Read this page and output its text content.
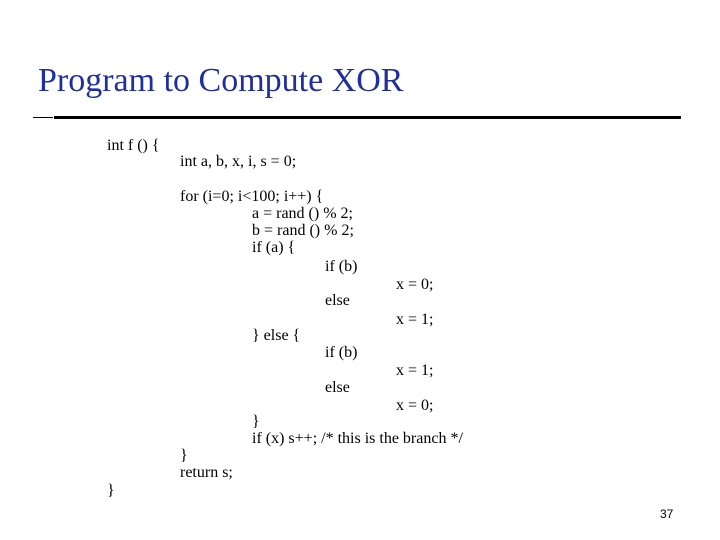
Program to Compute XOR
int f () {
int a, b, x, i, s = 0;
for (i=0; i<100; i++) {
a = rand () % 2;
b = rand () % 2;
if (a) {
if (b)
x = 0;
else
x = 1;
} else {
if (b)
x = 1;
else
x = 0;
}
if (x) s++; /* this is the branch */
}
return s;
}
37
